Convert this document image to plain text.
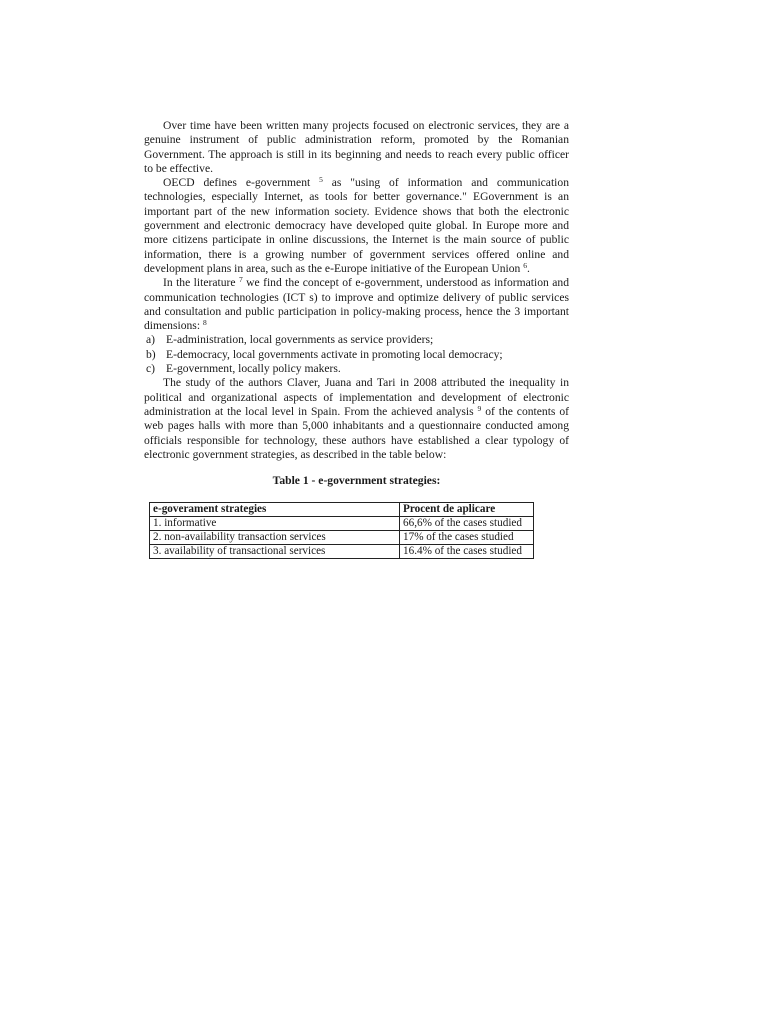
Over time have been written many projects focused on electronic services, they are a genuine instrument of public administration reform, promoted by the Romanian Government. The approach is still in its beginning and needs to reach every public officer to be effective.

OECD defines e-government $^5$ as "using of information and communication technologies, especially Internet, as tools for better governance." EGovernment is an important part of the new information society. Evidence shows that both the electronic government and electronic democracy have developed quite global. In Europe more and more citizens participate in online discussions, the Internet is the main source of public information, there is a growing number of government services offered online and development plans in area, such as the e-Europe initiative of the European Union $^6$.

In the literature $^7$ we find the concept of e-government, understood as information and communication technologies (ICT s) to improve and optimize delivery of public services and consultation and public participation in policy-making process, hence the 3 important dimensions: $^8$

a) E-administration, local governments as service providers;
b) E-democracy, local governments activate in promoting local democracy;
c) E-government, locally policy makers.

The study of the authors Claver, Juana and Tari in 2008 attributed the inequality in political and organizational aspects of implementation and development of electronic administration at the local level in Spain. From the achieved analysis $^9$ of the contents of web pages halls with more than 5,000 inhabitants and a questionnaire conducted among officials responsible for technology, these authors have established a clear typology of electronic government strategies, as described in the table below:

Table 1 - e-government strategies:
e-goverament strategies	Procent de aplicare
1. informative	66,6% of the cases studied
2. non-availability transaction services	17% of the cases studied
3. availability of transactional services	16.4% of the cases studied
